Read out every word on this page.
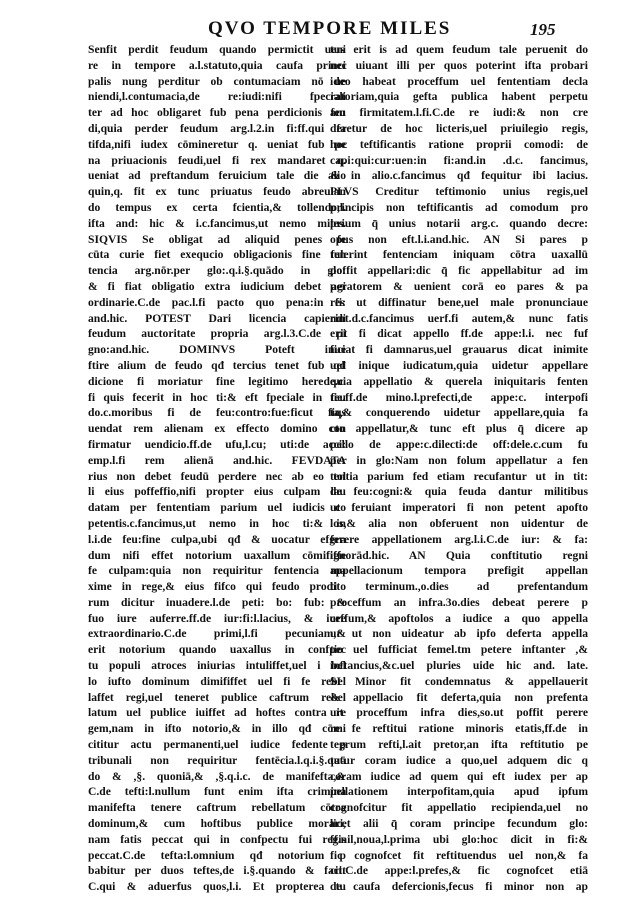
QVO TEMPORE MILES	195
Senfit perdit feudum quando permictit ueni
re in tempore a.l.statuto,quia caufa princi
palis nung perditur ob contumaciam nō ue
niendi,l.contumacia,de re:iudi:nifi fpeciali
ter ad hoc obligaret fub pena perdicionis feu
di,quia perder feudum arg.l.2.in fi:ff.qui fa
tifda,nifi iudex cōmineretur q. ueniat fub pe
na priuacionis feudi,uel fi rex mandaret q.
ueniat ad preftandum feruicium tale die alio
quin,q. fit ex tunc priuatus feudo abreuian
do tempus ex certa fcientia,& tollendo,l.
ifta and: hic & i.c.fancimus,ut nemo miles.
SIQVIS Se obligat ad aliquid penes fe
cūta curie fiet exequcio obligacionis fine fen
tencia arg.nōr.per glo:.q.i.§.quādo in glo:
& fi fiat obligatio extra iudicium debet agi
ordinarie.C.de pac.l.fi pacto quo pena:in fi:
and.hic. POTEST Dari licencia capiendi
feudum auctoritate propria arg.l.3.C.de pi
gno:and.hic. DOMINVS Poteft inue
ftire alium de feudo qđ tercius tenet fub qđ
dicione fi moriatur fine legitimo herede.c.
fi quis fecerit in hoc ti:& eft fpeciale in feu
do.c.moribus fi de feu:contro:fue:ficut fiqs
uendat rem alienam ex effecto domino con
firmatur uendicio.ff.de ufu,l.cu; uti:de acci:
emp.l.fi rem alienā and.hic. FEVDATA
rius non debet feudū perdere nec ab eo tol
li eius poffeffio,nifi propter eius culpam lau
datam per fententiam parium uel iudicis co
petentis.c.fancimus,ut nemo in hoc ti:& in
l.i.de feu:fine culpa,ubi qđ & uocatur efgra
dum nifi effet notorium uaxallum cōmififfe
fe culpam:quia non requiritur fentencia ma
xime in rege,& eius fifco qui feudo prodito
rum dicitur inuadere.l.de peti: bo: fub: &
fuo iure auferre.ff.de iur:fi:l.lacius, & iure
extraordinario.C.de primi,l.fi pecuniam,&
erit notorium quando uaxallus in confpec
tu populi atroces iniurias intuliffet,uel i bel
lo iufto dominum dimififfet uel fi fe rebel
laffet regi,uel teneret publice caftrum rebel
latum uel publice iuiffet ad hoftes contra re
gem,nam in ifto notorio,& in illo qđ cōmi
cititur actu permanenti,uel iudice fedente p
tribunali non requiritur fentēcia.l.q.i.§.quā
do & ,§. quoniā,& ,§.q.i.c. de manifefta,&
C.de tefti:l.nullum funt enim ifta crimina
manifefta tenere caftrum rebellatum cōtra
dominum,& cum hoftibus publice morari,
nam fatis peccat qui in confpectu fui regis
peccat.C.de tefta:l.omnium qđ notorium p
babitur per duos teftes,de i.§.quando & facit
C.qui & aduerfus quos,l.i. Et propterea tu
tus erit is ad quem feudum tale peruenit do
nec uiuant illi per quos poterint ifta probari
ideo habeat proceffum uel fententiam decla
ratoriam,quia gefta publica habent perpetu
am firmitatem.l.fi.C.de re iudi:& non cre
deretur de hoc licteris,uel priuilegio regis,
hoc teftificantis ratione proprii comodi: de
capi:qui:cur:uen:in fi:and.in .d.c. fancimus,
& in alio.c.fancimus qđ fequitur ibi lacius.
PLVS Creditur teftimonio unius regis,uel
principis non teftificantis ad comodum pro
prium q̄ unius notarii arg.c. quando decre:
opus non eft.l.i.and.hic. AN Si pares p
tulerint fentenciam iniquam cōtra uaxallū
poffit appellari:dic q̄ fic appellabitur ad im
peratorem & uenient corā eo pares & pa
res ut diffinatur bene,uel male pronunciaue
rint.d.c.fancimus uerf.fi autem,& nunc fatis
erit fi dicat appello ff.de appe:l.i. nec fuf
ficiat fi damnarus,uel grauarus dicat inimite
uel inique iudicatum,quia uidetur appellare
quia appellatio & querela iniquitaris fenten
tie.ff.de mino.l.prefecti,de appe:c. interpofi
ta,& conquerendo uidetur appellare,quia fa
cto appellatur,& tunc eft plus q̄ dicere ap
pello de appe:c.dilecti:de off:dele.c.cum fu
per in glo:Nam non folum appellatur a fen
tentia parium fed etiam recufantur ut in tit:
de feu:cogni:& quia feuda dantur militibus
ut feruiant imperatori fi non petent apofto
los,& alia non obferuent non uidentur de
ferere appellationem arg.l.i.C.de iur: & fa:
ignorād.hic. AN Quia conftitutio regni
appellacionum tempora prefigit appellan
ti terminum.,o.dies ad prefentandum
proceffum an infra.3o.dies debeat perere p
ceffum,& apoftolos a iudice a quo appella
ur ut non uideatur ab ipfo deferta appella
tio uel fufficiat femel.tm petere inftanter ,&
inftancius,&c.uel pluries uide hic and. late.
SI Minor fit condemnatus & appellauerit
& appellacio fit deferta,quia non prefenta
uit proceffum infra dies,so.ut poffit perere
re fe reftitui ratione minoris etatis,ff.de in
tegrum refti,l.ait pretor,an ifta reftitutio pe
tatur coram iudice a quo,uel adquem dic q
coram iudice ad quem qui eft iudex per ap
pellationem interpofitam,quia apud ipfum
cognofcitur fit appellatio recipienda,uel no
licet alii q̄ coram principe fecundum glo:
ff.nil,noua,l.prima ubi glo:hoc dicit in fi:&
fic cognofcet fit reftituendus uel non,& fa
cit.C.de appe:l.prefes,& fic cognofcet etiā
de caufa defercionis,fecus fi minor non ap
